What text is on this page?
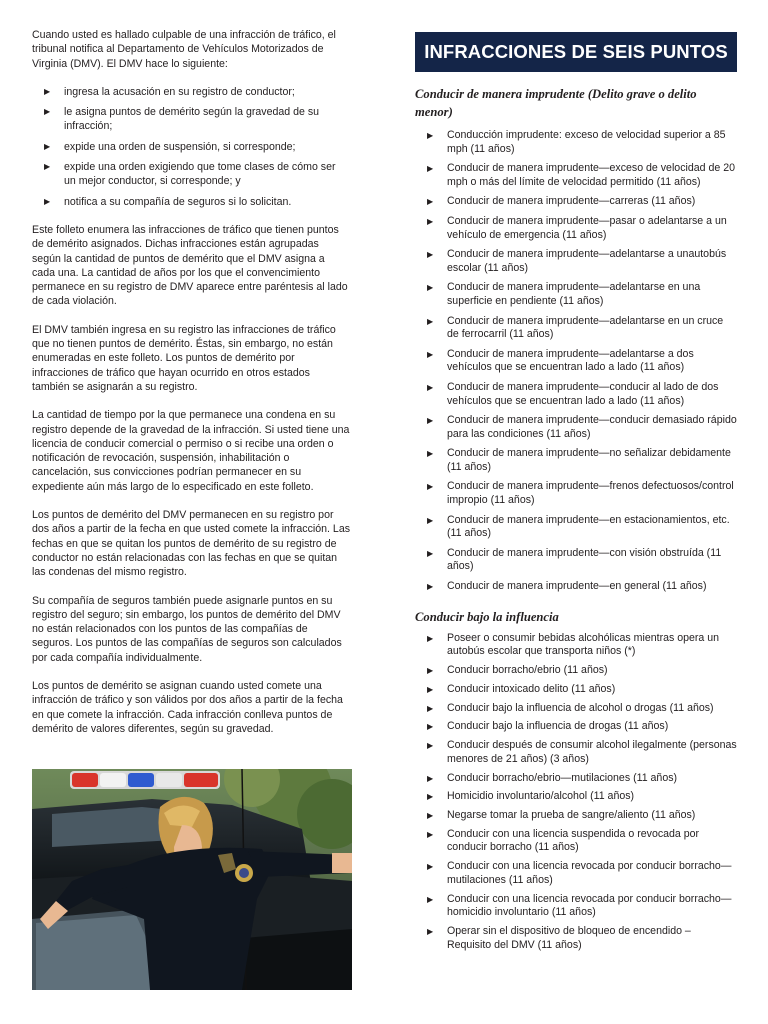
Cuando usted es hallado culpable de una infracción de tráfico, el tribunal notifica al Departamento de Vehículos Motorizados de Virginia (DMV). El DMV hace lo siguiente:

▶ ingresa la acusación en su registro de conductor;
▶ le asigna puntos de demérito según la gravedad de su infracción;
▶ expide una orden de suspensión, si corresponde;
▶ expide una orden exigiendo que tome clases de cómo ser un mejor conductor, si corresponde; y
▶ notifica a su compañía de seguros si lo solicitan.

Este folleto enumera las infracciones de tráfico que tienen puntos de demérito asignados. Dichas infracciones están agrupadas según la cantidad de puntos de demérito que el DMV asigna a cada una. La cantidad de años por los que el convencimiento permanece en su registro de DMV aparece entre paréntesis al lado de cada violación.

El DMV también ingresa en su registro las infracciones de tráfico que no tienen puntos de demérito. Éstas, sin embargo, no están enumeradas en este folleto. Los puntos de demérito por infracciones de tráfico que hayan ocurrido en otros estados también se asignarán a su registro.

La cantidad de tiempo por la que permanece una condena en su registro depende de la gravedad de la infracción. Si usted tiene una licencia de conducir comercial o permiso o si recibe una orden o notificación de revocación, suspensión, inhabilitación o cancelación, sus convicciones podrían permanecer en su expediente aún más largo de lo especificado en este folleto.

Los puntos de demérito del DMV permanecen en su registro por dos años a partir de la fecha en que usted comete la infracción. Las fechas en que se quitan los puntos de demérito de su registro de conductor no están relacionadas con las fechas en que se quitan las condenas del mismo registro.

Su compañía de seguros también puede asignarle puntos en su registro del seguro; sin embargo, los puntos de demérito del DMV no están relacionados con los puntos de las compañías de seguros. Los puntos de las compañías de seguros son calculados por cada compañía individualmente.

Los puntos de demérito se asignan cuando usted comete una infracción de tráfico y son válidos por dos años a partir de la fecha en que comete la infracción. Cada infracción conlleva puntos de demérito de valores diferentes, según su gravedad.

INFRACCIONES DE SEIS PUNTOS
Conducir de manera imprudente (Delito grave o delito menor)
▶ Conducción imprudente: exceso de velocidad superior a 85 mph (11 años)
▶ Conducir de manera imprudente—exceso de velocidad de 20 mph o más del límite de velocidad permitido (11 años)
▶ Conducir de manera imprudente—carreras (11 años)
▶ Conducir de manera imprudente—pasar o adelantarse a un vehículo de emergencia (11 años)
▶ Conducir de manera imprudente—adelantarse a unautobús escolar (11 años)
▶ Conducir de manera imprudente—adelantarse en una superficie en pendiente (11 años)
▶ Conducir de manera imprudente—adelantarse en un cruce de ferrocarril (11 años)
▶ Conducir de manera imprudente—adelantarse a dos vehículos que se encuentran lado a lado (11 años)
▶ Conducir de manera imprudente—conducir al lado de dos vehículos que se encuentran lado a lado (11 años)
▶ Conducir de manera imprudente—conducir demasiado rápido para las condiciones (11 años)
▶ Conducir de manera imprudente—no señalizar debidamente (11 años)
▶ Conducir de manera imprudente—frenos defectuosos/control impropio (11 años)
▶ Conducir de manera imprudente—en estacionamientos, etc. (11 años)
▶ Conducir de manera imprudente—con visión obstruída (11 años)
▶ Conducir de manera imprudente—en general (11 años)
Conducir bajo la influencia
▶ Poseer o consumir bebidas alcohólicas mientras opera un autobús escolar que transporta niños (*)
▶ Conducir borracho/ebrio (11 años)
▶ Conducir intoxicado delito (11 años)
▶ Conducir bajo la influencia de alcohol o drogas (11 años)
▶ Conducir bajo la influencia de drogas (11 años)
▶ Conducir después de consumir alcohol ilegalmente (personas menores de 21 años) (3 años)
▶ Conducir borracho/ebrio—mutilaciones (11 años)
▶ Homicidio involuntario/alcohol (11 años)
▶ Negarse tomar la prueba de sangre/aliento (11 años)
▶ Conducir con una licencia suspendida o revocada por conducir borracho (11 años)
▶ Conducir con una licencia revocada por conducir borracho—mutilaciones (11 años)
▶ Conducir con una licencia revocada por conducir borracho—homicidio involuntario (11 años)
▶ Operar sin el dispositivo de bloqueo de encendido – Requisito del DMV (11 años)
